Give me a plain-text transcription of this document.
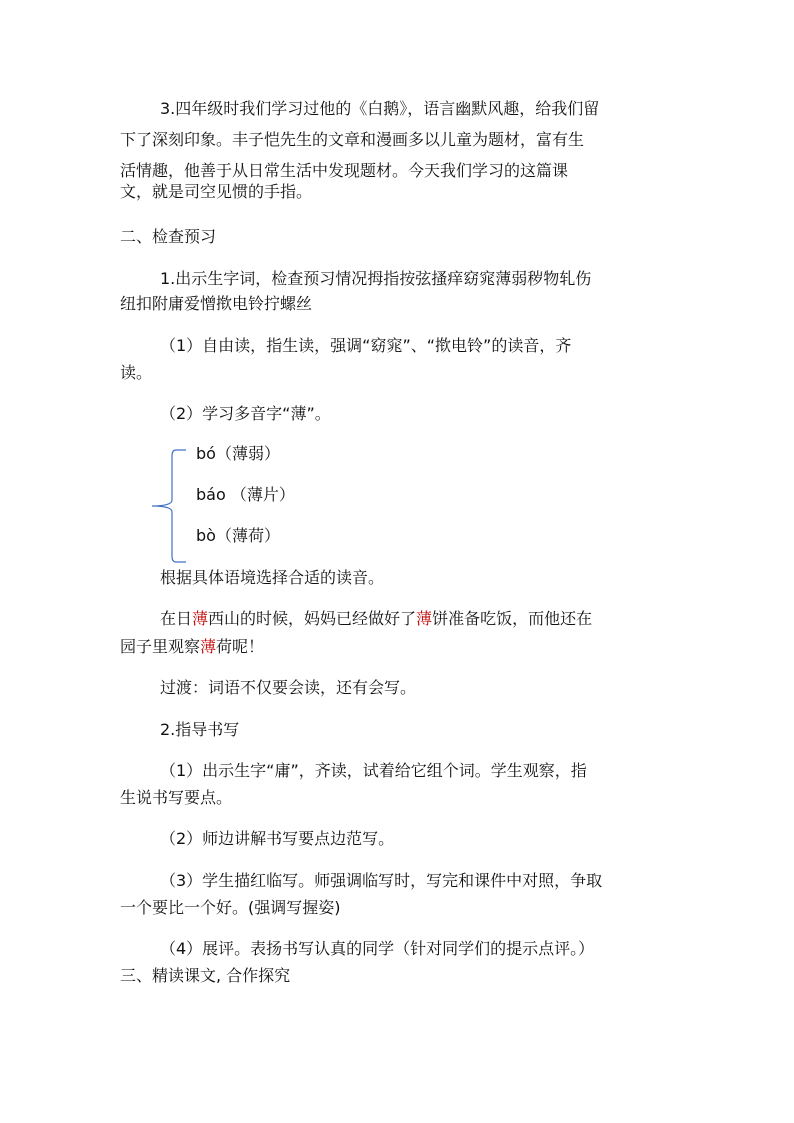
3.四年级时我们学习过他的《白鹅》，语言幽默风趣，给我们留
下了深刻印象。丰子恺先生的文章和漫画多以儿童为题材，富有生
活情趣，他善于从日常生活中发现题材。今天我们学习的这篇课
文，就是司空见惯的手指。
二、检查预习
1.出示生字词，检查预习情况拇指按弦搔痒窈窕薄弱秽物轧伤
纽扣附庸爱憎揿电铃拧螺丝
（1）自由读，指生读，强调“窈窕”、“揿电铃”的读音，齐
读。
（2）学习多音字“薄”。
bó（薄弱）
báo （薄片）
bò（薄荷）
根据具体语境选择合适的读音。
在日薄西山的时候，妈妈已经做好了薄饼准备吃饭，而他还在
园子里观察薄荷呢！
过渡：词语不仅要会读，还有会写。
2.指导书写
（1）出示生字“庸”，齐读，试着给它组个词。学生观察，指
生说书写要点。
（2）师边讲解书写要点边范写。
（3）学生描红临写。师强调临写时，写完和课件中对照，争取
一个要比一个好。(强调写握姿)
（4）展评。表扬书写认真的同学（针对同学们的提示点评。）
三、精读课文, 合作探究
